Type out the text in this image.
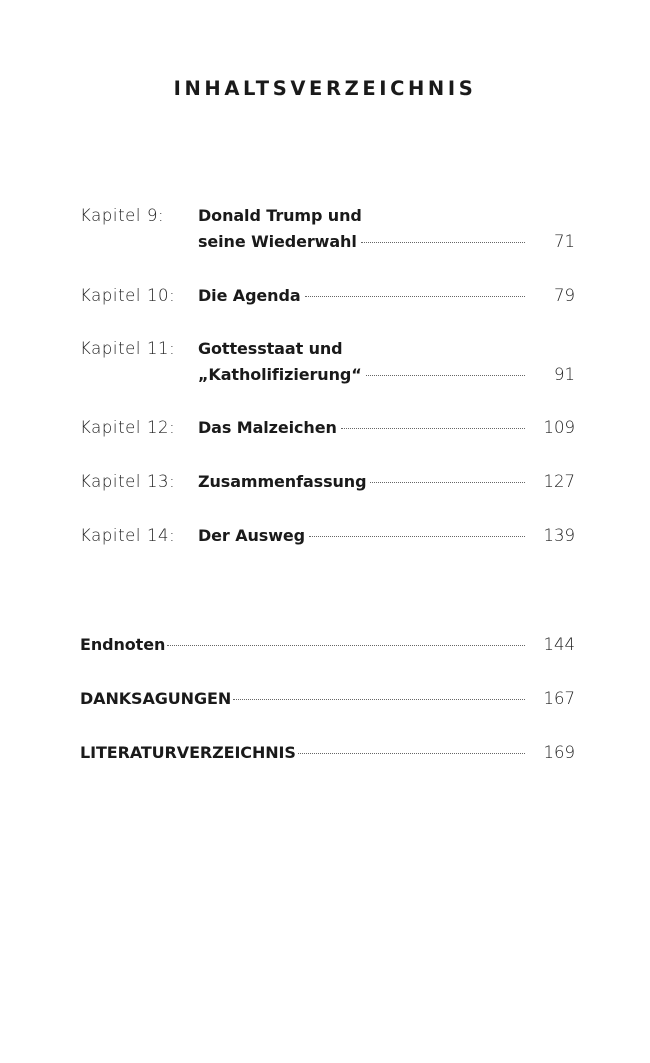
INHALTSVERZEICHNIS
Kapitel 9: Donald Trump und
seine Wiederwahl	71
Kapitel 10: Die Agenda	79
Kapitel 11: Gottesstaat und
„Katholifizierung“	91
Kapitel 12: Das Malzeichen	109
Kapitel 13: Zusammenfassung	127
Kapitel 14: Der Ausweg	139
Endnoten	144
DANKSAGUNGEN	167
LITERATURVERZEICHNIS	169
